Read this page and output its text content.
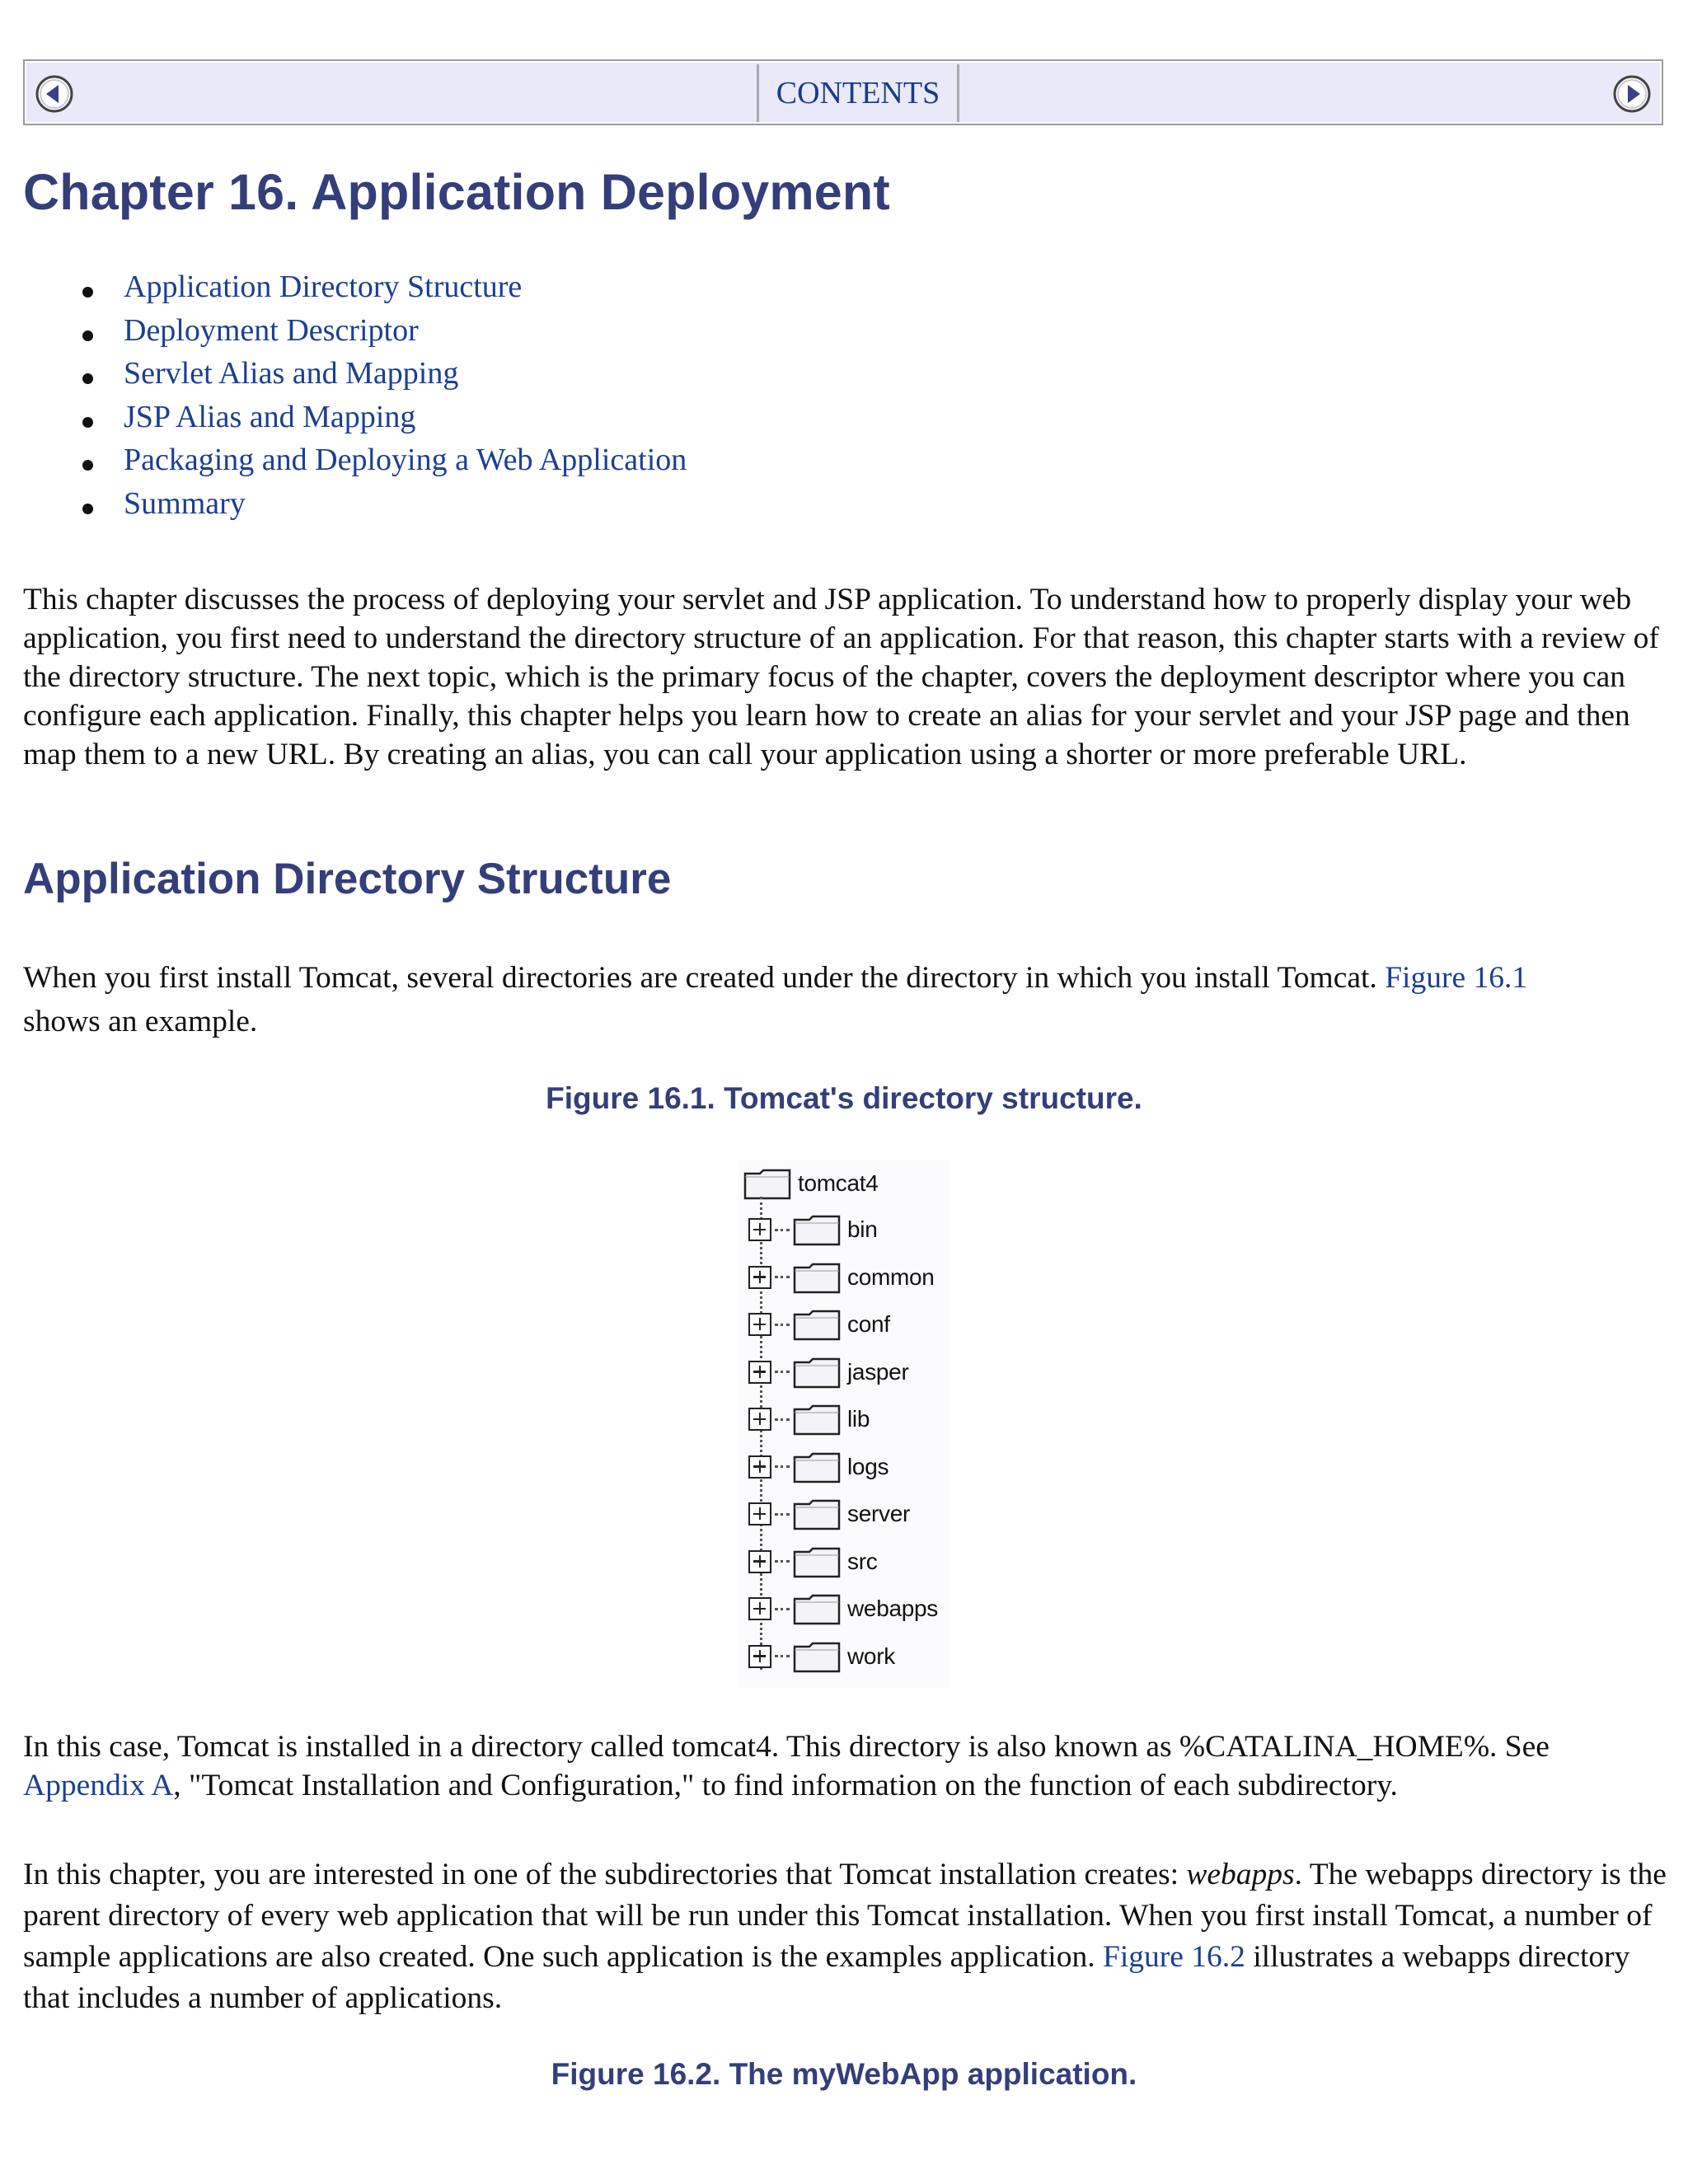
CONTENTS
Chapter 16. Application Deployment
Application Directory Structure
Deployment Descriptor
Servlet Alias and Mapping
JSP Alias and Mapping
Packaging and Deploying a Web Application
Summary

This chapter discusses the process of deploying your servlet and JSP application. To understand how to properly display your web application, you first need to understand the directory structure of an application. For that reason, this chapter starts with a review of the directory structure. The next topic, which is the primary focus of the chapter, covers the deployment descriptor where you can configure each application. Finally, this chapter helps you learn how to create an alias for your servlet and your JSP page and then map them to a new URL. By creating an alias, you can call your application using a shorter or more preferable URL.

Application Directory Structure

When you first install Tomcat, several directories are created under the directory in which you install Tomcat. Figure 16.1
shows an example.

Figure 16.1. Tomcat's directory structure.

tomcat4
bin
common
conf
jasper
lib
logs
server
src
webapps
work

In this case, Tomcat is installed in a directory called tomcat4. This directory is also known as %CATALINA_HOME%. See
Appendix A, "Tomcat Installation and Configuration," to find information on the function of each subdirectory.

In this chapter, you are interested in one of the subdirectories that Tomcat installation creates: webapps. The webapps directory is the parent directory of every web application that will be run under this Tomcat installation. When you first install Tomcat, a number of sample applications are also created. One such application is the examples application. Figure 16.2 illustrates a webapps directory that includes a number of applications.

Figure 16.2. The myWebApp application.
